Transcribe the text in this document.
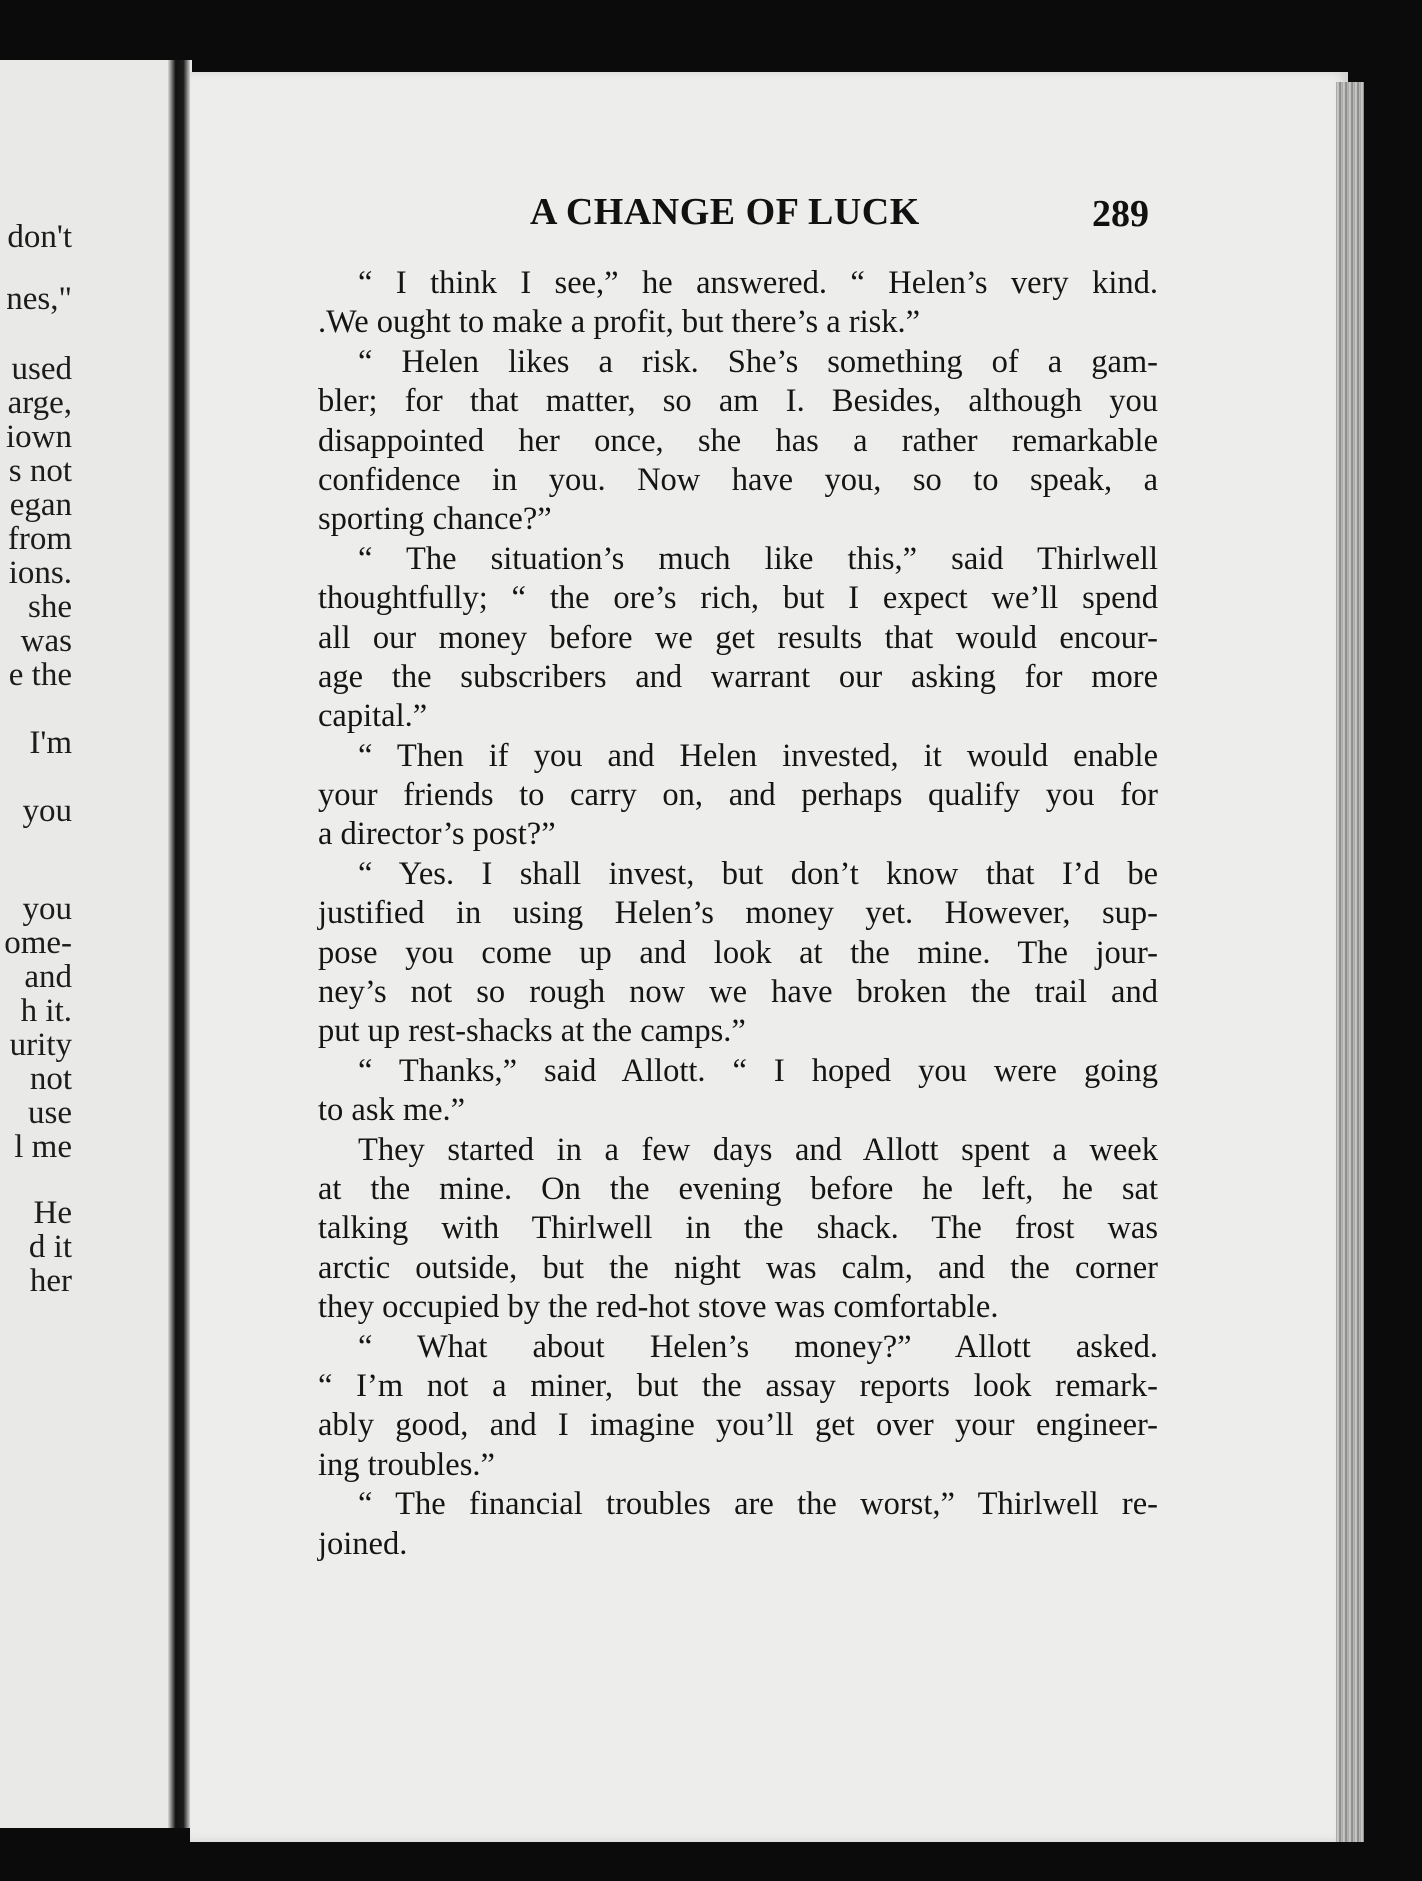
don't
nes,"
used
arge,
iown
s not
egan
from
ions.
she
was
e the
I'm
you
you
ome-
and
h it.
urity
not
use
l me
He
d it
her
A CHANGE OF LUCK	289
“ I think I see,” he answered. “ Helen’s very kind.
.We ought to make a profit, but there’s a risk.”
“ Helen likes a risk. She’s something of a gam-
bler; for that matter, so am I. Besides, although you
disappointed her once, she has a rather remarkable
confidence in you. Now have you, so to speak, a
sporting chance?”
“ The situation’s much like this,” said Thirlwell
thoughtfully; “ the ore’s rich, but I expect we’ll spend
all our money before we get results that would encour-
age the subscribers and warrant our asking for more
capital.”
“ Then if you and Helen invested, it would enable
your friends to carry on, and perhaps qualify you for
a director’s post?”
“ Yes. I shall invest, but don’t know that I’d be
justified in using Helen’s money yet. However, sup-
pose you come up and look at the mine. The jour-
ney’s not so rough now we have broken the trail and
put up rest-shacks at the camps.”
“ Thanks,” said Allott. “ I hoped you were going
to ask me.”
They started in a few days and Allott spent a week
at the mine. On the evening before he left, he sat
talking with Thirlwell in the shack. The frost was
arctic outside, but the night was calm, and the corner
they occupied by the red-hot stove was comfortable.
“ What about Helen’s money?” Allott asked.
“ I’m not a miner, but the assay reports look remark-
ably good, and I imagine you’ll get over your engineer-
ing troubles.”
“ The financial troubles are the worst,” Thirlwell re-
joined.
